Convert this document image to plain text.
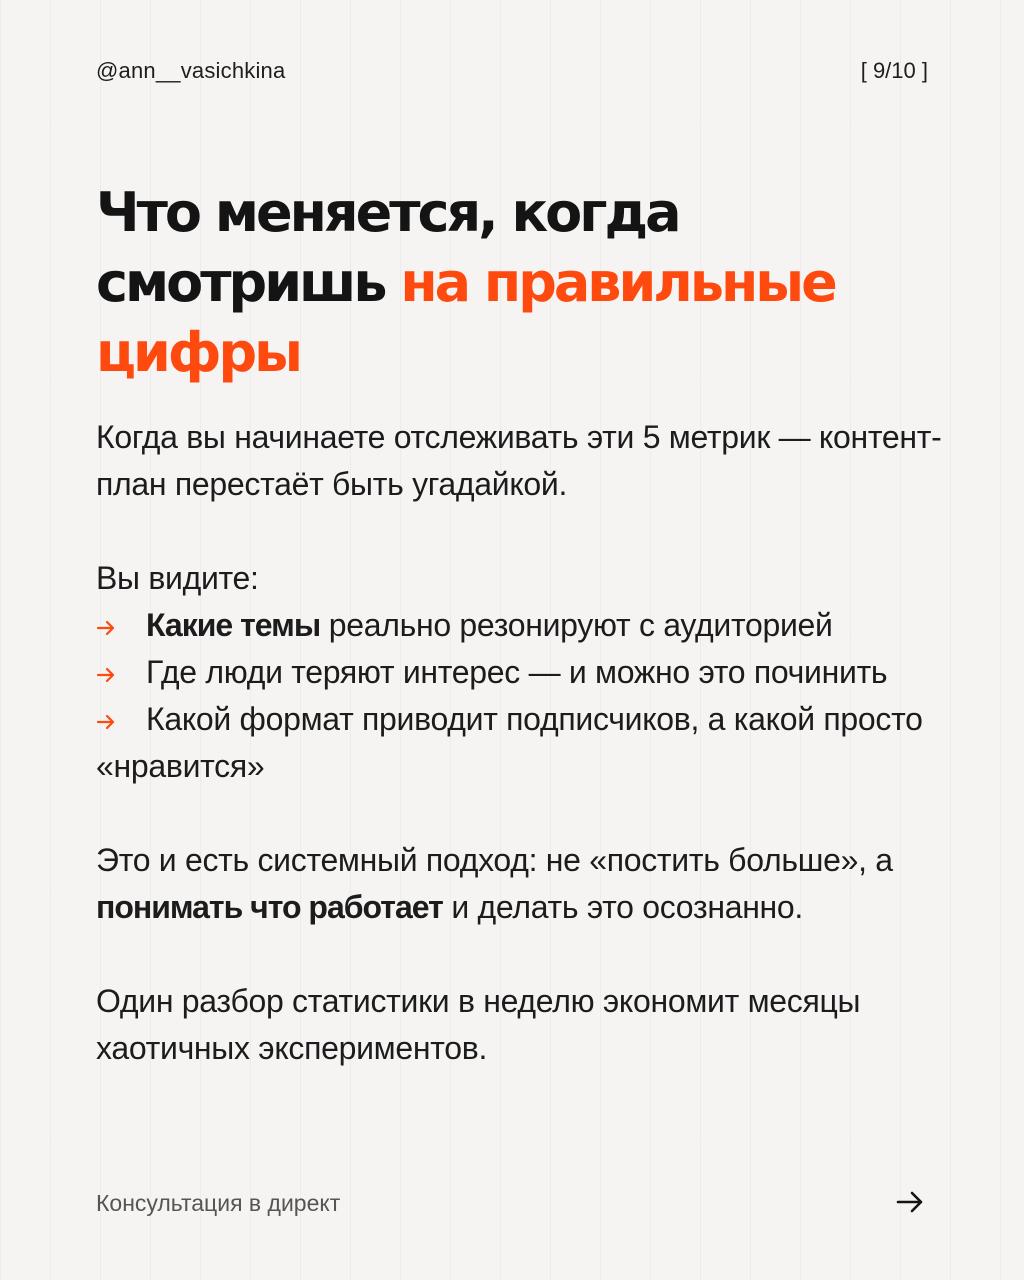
@ann__vasichkina	[ 9/10 ]
Что меняется, когда смотришь на правильные цифры

Когда вы начинаете отслеживать эти 5 метрик — контент-план перестаёт быть угадайкой.

Вы видите:

Какие темы реально резонируют с аудиторией

Где люди теряют интерес — и можно это починить

Какой формат приводит подписчиков, а какой просто «нравится»

Это и есть системный подход: не «постить больше», а понимать что работает и делать это осознанно.

Один разбор статистики в неделю экономит месяцы хаотичных экспериментов.

Консультация в директ
